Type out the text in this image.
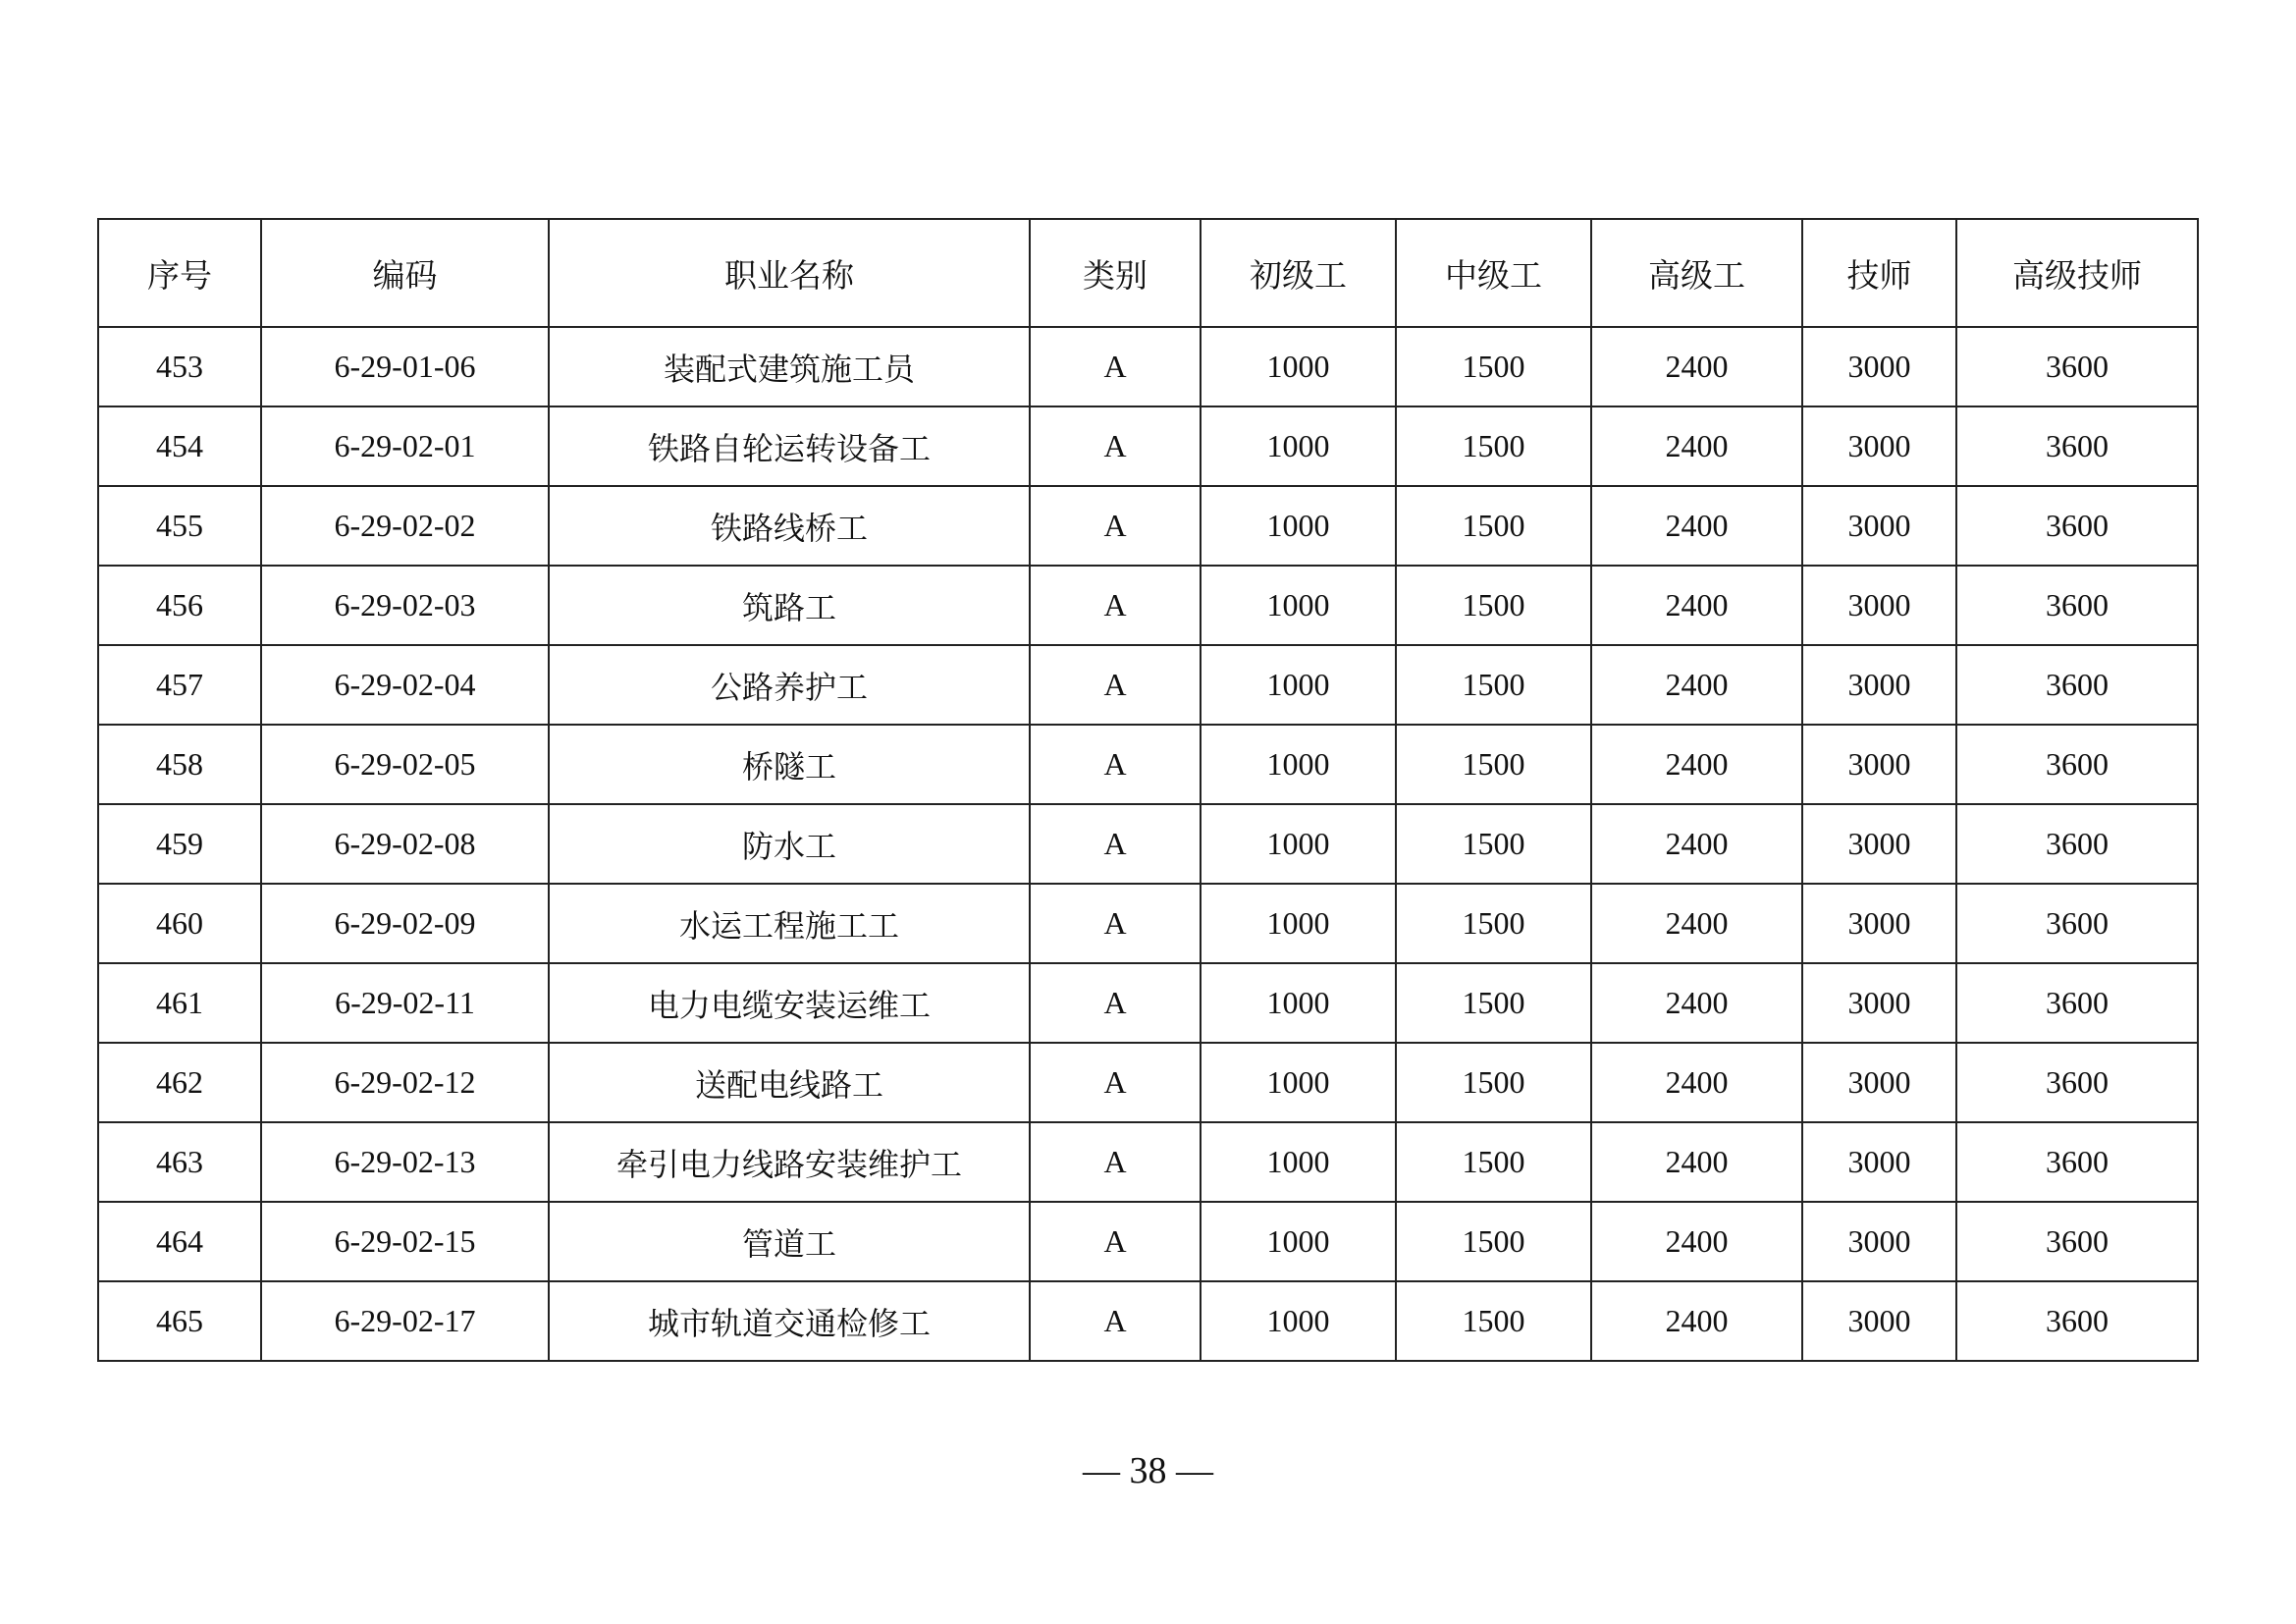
序号	编码	职业名称	类别	初级工	中级工	高级工	技师	高级技师
453	6-29-01-06	装配式建筑施工员	A	1000	1500	2400	3000	3600
454	6-29-02-01	铁路自轮运转设备工	A	1000	1500	2400	3000	3600
455	6-29-02-02	铁路线桥工	A	1000	1500	2400	3000	3600
456	6-29-02-03	筑路工	A	1000	1500	2400	3000	3600
457	6-29-02-04	公路养护工	A	1000	1500	2400	3000	3600
458	6-29-02-05	桥隧工	A	1000	1500	2400	3000	3600
459	6-29-02-08	防水工	A	1000	1500	2400	3000	3600
460	6-29-02-09	水运工程施工工	A	1000	1500	2400	3000	3600
461	6-29-02-11	电力电缆安装运维工	A	1000	1500	2400	3000	3600
462	6-29-02-12	送配电线路工	A	1000	1500	2400	3000	3600
463	6-29-02-13	牵引电力线路安装维护工	A	1000	1500	2400	3000	3600
464	6-29-02-15	管道工	A	1000	1500	2400	3000	3600
465	6-29-02-17	城市轨道交通检修工	A	1000	1500	2400	3000	3600
— 38 —
